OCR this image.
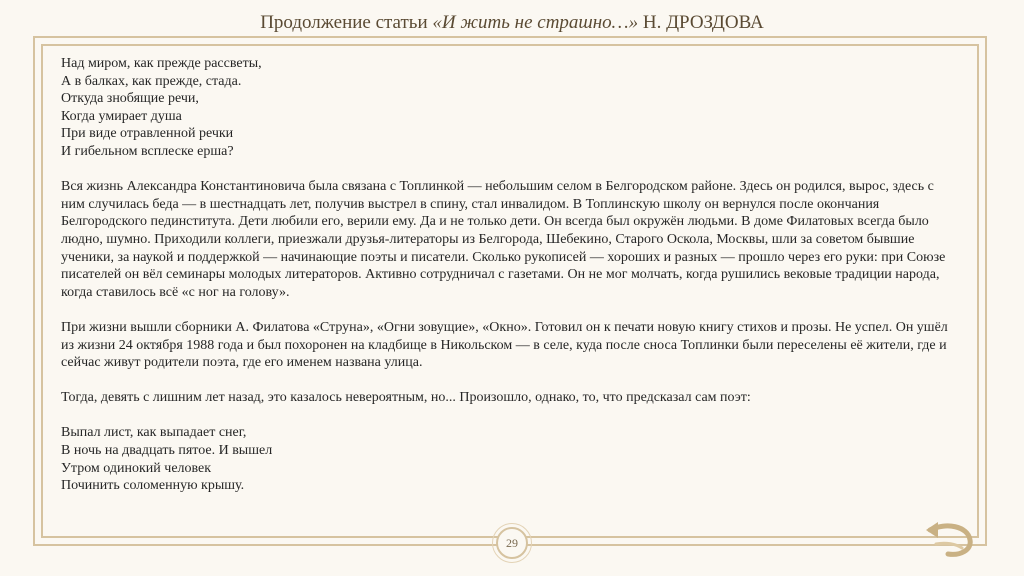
Продолжение статьи «И жить не страшно…» Н. ДРОЗДОВА

Над миром, как прежде рассветы,
А в балках, как прежде, стада.
Откуда знобящие речи,
Когда умирает душа
При виде отравленной речки
И гибельном всплеске ерша?

Вся жизнь Александра Константиновича была связана с Топлинкой — небольшим селом в Белгородском районе. Здесь он родился, вырос, здесь с ним случилась беда — в шестнадцать лет, получив выстрел в спину, стал инвалидом. В Топлинскую школу он вернулся после окончания Белгородского пединститута. Дети любили его, верили ему. Да и не только дети. Он всегда был окружён людьми. В доме Филатовых всегда было людно, шумно. Приходили коллеги, приезжали друзья-литераторы из Белгорода, Шебекино, Старого Оскола, Москвы, шли за советом бывшие ученики, за наукой и поддержкой — начинающие поэты и писатели. Сколько рукописей — хороших и разных — прошло через его руки: при Союзе писателей он вёл семинары молодых литераторов. Активно сотрудничал с газетами. Он не мог молчать, когда рушились вековые традиции народа, когда ставилось всё «с ног на голову».

При жизни вышли сборники А. Филатова «Струна», «Огни зовущие», «Окно». Готовил он к печати новую книгу стихов и прозы. Не успел. Он ушёл из жизни 24 октября 1988 года и был похоронен на кладбище в Никольском — в селе, куда после сноса Топлинки были переселены её жители, где и сейчас живут родители поэта, где его именем названа улица.

Тогда, девять с лишним лет назад, это казалось невероятным, но... Произошло, однако, то, что предсказал сам поэт:

Выпал лист, как выпадает снег,
В ночь на двадцать пятое. И вышел
Утром одинокий человек
Починить соломенную крышу.

29
